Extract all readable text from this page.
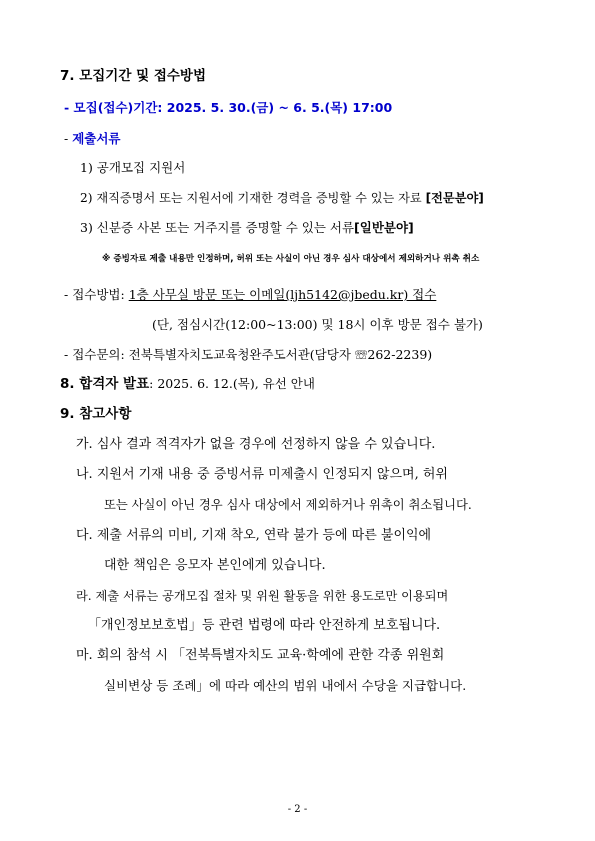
7. 모집기간 및 접수방법
- 모집(접수)기간: 2025. 5. 30.(금) ~ 6. 5.(목) 17:00
- 제출서류
1) 공개모집 지원서
2) 재직증명서 또는 지원서에 기재한 경력을 증빙할 수 있는 자료 [전문분야]
3) 신분증 사본 또는 거주지를 증명할 수 있는 서류[일반분야]
※ 증빙자료 제출 내용만 인정하며, 허위 또는 사실이 아닌 경우 심사 대상에서 제외하거나 위촉 취소
- 접수방법: 1층 사무실 방문 또는 이메일(ljh5142@jbedu.kr) 접수
(단, 점심시간(12:00~13:00) 및 18시 이후 방문 접수 불가)
- 접수문의: 전북특별자치도교육청완주도서관(담당자 ☏262-2239)
8. 합격자 발표: 2025. 6. 12.(목), 유선 안내
9. 참고사항
가. 심사 결과 적격자가 없을 경우에 선정하지 않을 수 있습니다.
나. 지원서 기재 내용 중 증빙서류 미제출시 인정되지 않으며, 허위
또는 사실이 아닌 경우 심사 대상에서 제외하거나 위촉이 취소됩니다.
다. 제출 서류의 미비, 기재 착오, 연락 불가 등에 따른 불이익에
대한 책임은 응모자 본인에게 있습니다.
라. 제출 서류는 공개모집 절차 및 위원 활동을 위한 용도로만 이용되며
「개인정보보호법」등 관련 법령에 따라 안전하게 보호됩니다.
마. 회의 참석 시 「전북특별자치도 교육·학예에 관한 각종 위원회
실비변상 등 조례」에 따라 예산의 범위 내에서 수당을 지급합니다.
- 2 -
